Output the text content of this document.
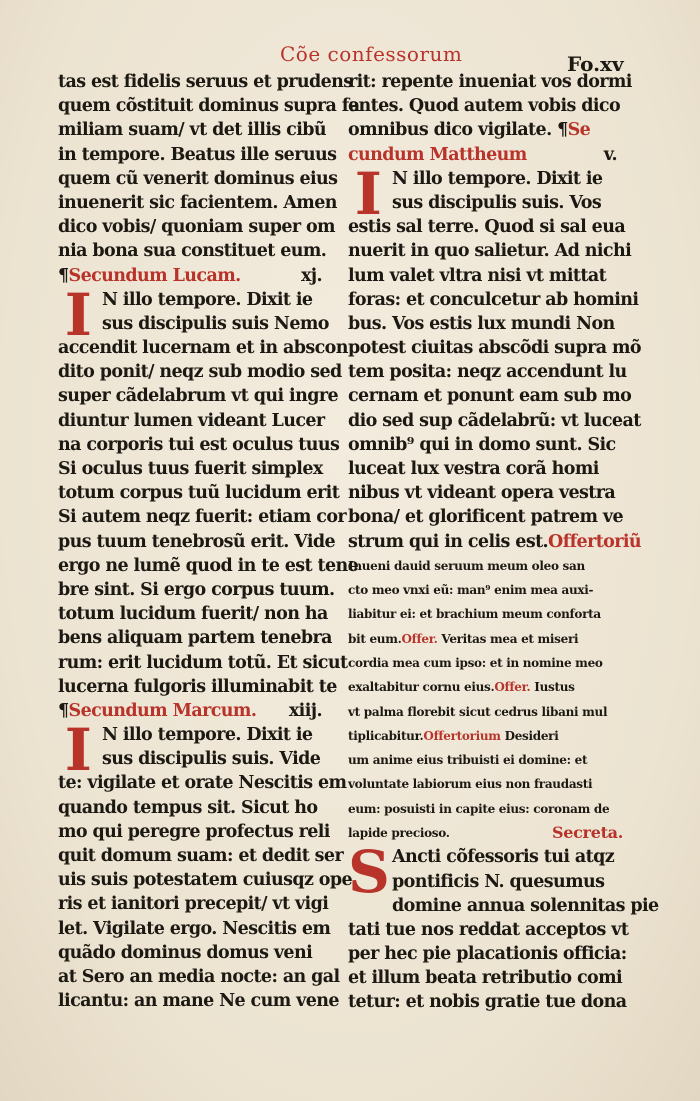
Cõe confessorum	Fo.xv
tas est fidelis seruus et prudens
quem cõstituit dominus supra fa
miliam suam/ vt det illis cibũ
in tempore. Beatus ille seruus
quem cũ venerit dominus eius
inuenerit sic facientem. Amen
dico vobis/ quoniam super om
nia bona sua constituet eum.
¶Secundum Lucam.	xj.
I N illo tempore. Dixit ie
sus discipulis suis Nemo
accendit lucernam et in abscon
dito ponit/ neqz sub modio sed
super cãdelabrum vt qui ingre
diuntur lumen videant Lucer
na corporis tui est oculus tuus
Si oculus tuus fuerit simplex
totum corpus tuũ lucidum erit
Si autem neqz fuerit: etiam cor
pus tuum tenebrosũ erit. Vide
ergo ne lumẽ quod in te est tene
bre sint. Si ergo corpus tuum.
totum lucidum fuerit/ non ha
bens aliquam partem tenebra
rum: erit lucidum totũ. Et sicut
lucerna fulgoris illuminabit te
¶Secundum Marcum. xiij.
I N illo tempore. Dixit ie
sus discipulis suis. Vide
te: vigilate et orate Nescitis em
quando tempus sit. Sicut ho
mo qui peregre profectus reli
quit domum suam: et dedit ser
uis suis potestatem cuiusqz ope
ris et ianitori precepit/ vt vigi
let. Vigilate ergo. Nescitis em
quãdo dominus domus veni
at Sero an media nocte: an gal
licantu: an mane Ne cum vene
rit: repente inueniat vos dormi
entes. Quod autem vobis dico
omnibus dico vigilate. ¶Se
cundum Mattheum	v.
I N illo tempore. Dixit ie
sus discipulis suis. Vos
estis sal terre. Quod si sal eua
nuerit in quo salietur. Ad nichi
lum valet vltra nisi vt mittat
foras: et conculcetur ab homini
bus. Vos estis lux mundi Non
potest ciuitas abscõdi supra mõ
tem posita: neqz accendunt lu
cernam et ponunt eam sub mo
dio sed sup cãdelabrũ: vt luceat
omnib⁹ qui in domo sunt. Sic
luceat lux vestra corã homi
nibus vt videant opera vestra
bona/ et glorificent patrem ve
strum qui in celis est.Offertoriũ
Inueni dauid seruum meum oleo san
cto meo vnxi eũ: man⁹ enim mea auxi-
liabitur ei: et brachium meum conforta
bit eum.Offer. Veritas mea et miseri
cordia mea cum ipso: et in nomine meo
exaltabitur cornu eius.Offer. Iustus
vt palma florebit sicut cedrus libani mul
tiplicabitur.Offertorium Desideri
um anime eius tribuisti ei domine: et
voluntate labiorum eius non fraudasti
eum: posuisti in capite eius: coronam de
lapide precioso.	Secreta.
S Ancti cõfessoris tui atqz
pontificis N. quesumus
domine annua solennitas pie
tati tue nos reddat acceptos vt
per hec pie placationis officia:
et illum beata retributio comi
tetur: et nobis gratie tue dona
